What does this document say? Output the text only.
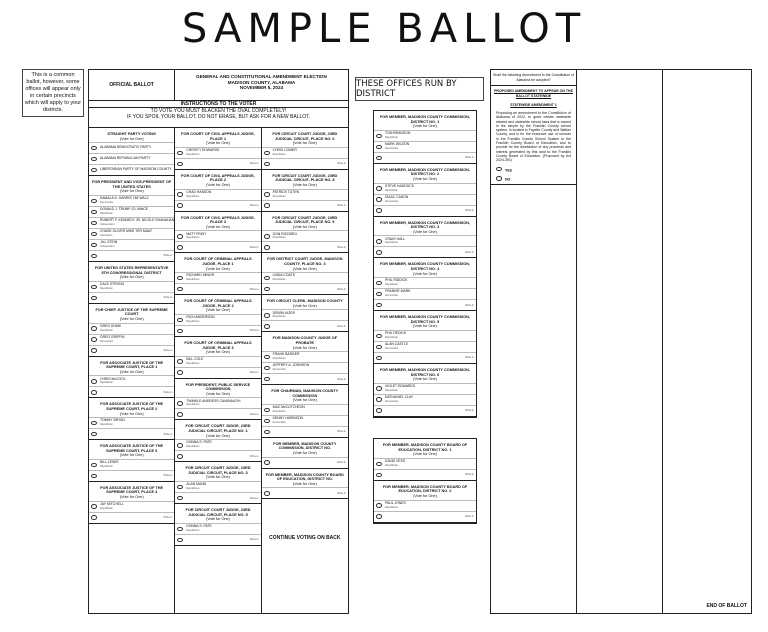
SAMPLE BALLOT
This is a common ballot, however, some offices will appear only in certain precincts which will apply to your districts.
THESE OFFICES RUN BY DISTRICT
OFFICIAL BALLOT
GENERAL AND CONSTITUTIONAL AMENDMENT ELECTION
MADISON COUNTY, ALABAMA
NOVEMBER 5, 2024
INSTRUCTIONS TO THE VOTER
TO VOTE YOU MUST BLACKEN THE OVAL COMPLETELY!
IF YOU SPOIL YOUR BALLOT, DO NOT ERASE, BUT ASK FOR A NEW BALLOT.
STRAIGHT PARTY VOTING
(Vote for One)
ALABAMA DEMOCRATIC PARTY
ALABAMA REPUBLICAN PARTY
LIBERTARIAN PARTY OF MADISON COUNTY
FOR PRESIDENT AND VICE-PRESIDENT OF THE UNITED STATES
(Vote for One)
KAMALA D. HARRIS TIM WALZ
Democratic
DONALD J. TRUMP JD VANCE
Republican
ROBERT F. KENNEDY JR. NICOLE SHANAHAN
Independent
CHASE OLIVER MIKE TER MAAT
Libertarian
JILL STEIN
Independent
Write-in
FOR UNITED STATES REPRESENTATIVE 5TH CONGRESSIONAL DISTRICT
(Vote for One)
DALE STRONG
Republican
Write-in
FOR CHIEF JUSTICE OF THE SUPREME COURT
(Vote for One)
GREG SHAW
Republican
GREG GRIFFIN
Democratic
Write-in
FOR ASSOCIATE JUSTICE OF THE SUPREME COURT, PLACE 1
(Vote for One)
CHRIS McCOOL
Republican
Write-in
FOR ASSOCIATE JUSTICE OF THE SUPREME COURT, PLACE 2
(Vote for One)
TOMMY BRYAN
Republican
Write-in
FOR ASSOCIATE JUSTICE OF THE SUPREME COURT, PLACE 3
(Vote for One)
BILL LEWIS
Republican
Write-in
FOR ASSOCIATE JUSTICE OF THE SUPREME COURT, PLACE 4
(Vote for One)
JAY MITCHELL
Republican
Write-in
FOR COURT OF CIVIL APPEALS JUDGE, PLACE 1
(Vote for One)
CHRISTY EDWARDS
Republican
Write-in
FOR COURT OF CIVIL APPEALS JUDGE, PLACE 2
(Vote for One)
CHAD HANSON
Republican
Write-in
FOR COURT OF CIVIL APPEALS JUDGE, PLACE 3
(Vote for One)
MATT FRIDY
Republican
Write-in
FOR COURT OF CRIMINAL APPEALS JUDGE, PLACE 1
(Vote for One)
RICHARD MINOR
Republican
Write-in
FOR COURT OF CRIMINAL APPEALS JUDGE, PLACE 2
(Vote for One)
RICH ANDERSON
Republican
Write-in
FOR COURT OF CRIMINAL APPEALS JUDGE, PLACE 3
(Vote for One)
BILL COLE
Republican
Write-in
FOR PRESIDENT, PUBLIC SERVICE COMMISSION
(Vote for One)
TWINKLE ANDRESS CAVANAUGH
Republican
Write-in
FOR CIRCUIT COURT JUDGE, 23RD JUDICIAL CIRCUIT, PLACE NO. 1
(Vote for One)
DONNA S. PATE
Republican
Write-in
FOR CIRCUIT COURT JUDGE, 23RD JUDICIAL CIRCUIT, PLACE NO. 3
(Vote for One)
ALAN MANN
Republican
Write-in
FOR CIRCUIT COURT JUDGE, 23RD JUDICIAL CIRCUIT, PLACE NO. 5
(Vote for One)
DONNA S. PATE
Republican
Write-in
FOR CIRCUIT COURT JUDGE, 23RD JUDICIAL CIRCUIT, PLACE NO. 6
(Vote for One)
CHRIS COMER
Republican
Write-in
FOR CIRCUIT COURT JUDGE, 23RD JUDICIAL CIRCUIT, PLACE NO. 8
(Vote for One)
PATRICK TUTEN
Republican
Write-in
FOR CIRCUIT COURT JUDGE, 23RD JUDICIAL CIRCUIT, PLACE NO. 9
(Vote for One)
DON RIZZARDI
Republican
Write-in
FOR DISTRICT COURT JUDGE, MADISON COUNTY, PLACE NO. 3
(Vote for One)
LINDA COATS
Republican
Write-in
FOR CIRCUIT CLERK, MADISON COUNTY
(Vote for One)
DEBRA KIZER
Republican
Write-in
FOR MADISON COUNTY JUDGE OF PROBATE
(Vote for One)
FRANK BARGER
Republican
JEFFREY A. JOHNSON
Democratic
Write-in
FOR CHAIRMAN, MADISON COUNTY COMMISSION
(Vote for One)
MAC McCUTCHEON
Republican
KENNY HARBISON
Democratic
Write-in
FOR MEMBER, MADISON COUNTY COMMISSION, DISTRICT NO.
(Vote for One)
Write-in
FOR MEMBER, MADISON COUNTY BOARD OF EDUCATION, DISTRICT NO.
(Vote for One)
Write-in
CONTINUE VOTING ON BACK
FOR MEMBER, MADISON COUNTY COMMISSION, DISTRICT NO. 1
(Vote for One)
TOM BRANDON
Republican
MARK WILSON
Democratic
Write-in
FOR MEMBER, MADISON COUNTY COMMISSION, DISTRICT NO. 2
(Vote for One)
STEVE HADDOCK
Republican
ISAAC CASON
Democratic
Write-in
FOR MEMBER, MADISON COUNTY COMMISSION, DISTRICT NO. 3
(Vote for One)
CRAIG HALL
Republican
Write-in
FOR MEMBER, MADISON COUNTY COMMISSION, DISTRICT NO. 4
(Vote for One)
PHIL RIDDICK
Republican
FRANKIE MARK
Democratic
Write-in
FOR MEMBER, MADISON COUNTY COMMISSION, DISTRICT NO. 5
(Vote for One)
PHIL REDICK
Republican
ALAN CASTLE
Democratic
Write-in
FOR MEMBER, MADISON COUNTY COMMISSION, DISTRICT NO. 6
(Vote for One)
VIOLET EDWARDS
Republican
NATHANIEL CLAY
Democratic
Write-in
FOR MEMBER, MADISON COUNTY BOARD OF EDUCATION, DISTRICT NO. 1
(Vote for One)
DAVID VESS
Republican
Write-in
FOR MEMBER, MADISON COUNTY BOARD OF EDUCATION, DISTRICT NO. 2
(Vote for One)
PAUL JONES
Republican
Write-in
Shall the following Amendment to the Constitution of Alabama be adopted?
PROPOSED AMENDMENT TO APPEAR ON THE BALLOT STATEWIDE
STATEWIDE AMENDMENT 1
Proposing an amendment to the Constitution of Alabama of 2022, to grant certain statewide elected and statewide school laws that is owned in fee simple by the Franklin County school system, is located in Fayette County and Walker County, and is for the exclusive use of schools in the Franklin County School System to the Franklin County Board of Education, and to provide for the distribution of any proceeds and interest generated by this land to the Franklin County Board of Education. (Proposed by Act 2024-391)
YES
NO
END OF BALLOT
